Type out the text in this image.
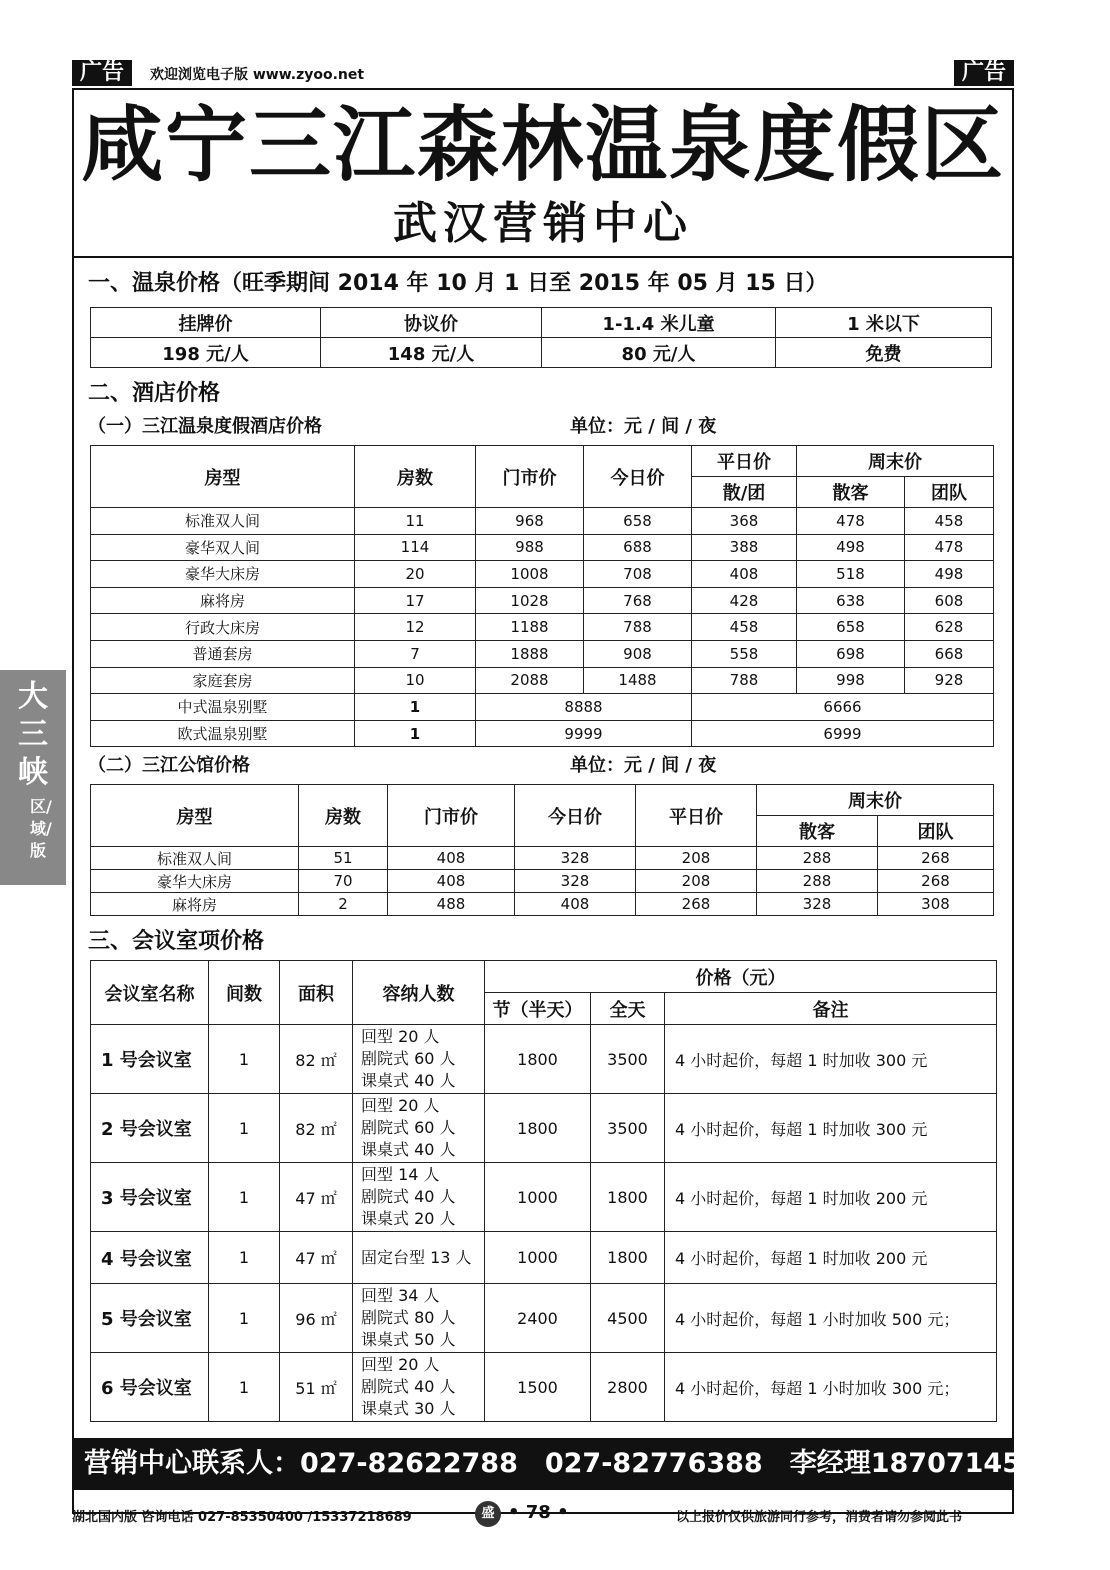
广告	欢迎浏览电子版 www.zyoo.net	广告
咸宁三江森林温泉度假区
武汉营销中心
一、温泉价格（旺季期间 2014 年 10 月 1 日至 2015 年 05 月 15 日）
挂牌价	协议价	1-1.4 米儿童	1 米以下
198 元/人	148 元/人	80 元/人	免费
二、酒店价格
（一）三江温泉度假酒店价格	单位：元 / 间 / 夜
房型	房数	门市价	今日价	平日价	周末价	
				散/团	散客	团队
标准双人间	11	968	658	368	478	458
豪华双人间	114	988	688	388	498	478
豪华大床房	20	1008	708	408	518	498
麻将房	17	1028	768	428	638	608
行政大床房	12	1188	788	458	658	628
普通套房	7	1888	908	558	698	668
家庭套房	10	2088	1488	788	998	928
中式温泉别墅	1	8888		6666		
欧式温泉别墅	1	9999		6999		
（二）三江公馆价格	单位：元 / 间 / 夜
房型	房数	门市价	今日价	平日价	周末价	
					散客	团队
标准双人间	51	408	328	208	288	268
豪华大床房	70	408	328	208	288	268
麻将房	2	488	408	268	328	308
三、会议室项价格
会议室名称	间数	面积	容纳人数	价格（元）		
				节（半天）	全天	备注
1 号会议室	1	82 ㎡	回型 20 人
剧院式 60 人
课桌式 40 人	1800	3500	4 小时起价，每超 1 时加收 300 元
2 号会议室	1	82 ㎡	回型 20 人
剧院式 60 人
课桌式 40 人	1800	3500	4 小时起价，每超 1 时加收 300 元
3 号会议室	1	47 ㎡	回型 14 人
剧院式 40 人
课桌式 20 人	1000	1800	4 小时起价，每超 1 时加收 200 元
4 号会议室	1	47 ㎡	固定台型 13 人	1000	1800	4 小时起价，每超 1 时加收 200 元
5 号会议室	1	96 ㎡	回型 34 人
剧院式 80 人
课桌式 50 人	2400	4500	4 小时起价，每超 1 小时加收 500 元；
6 号会议室	1	51 ㎡	回型 20 人
剧院式 40 人
课桌式 30 人	1500	2800	4 小时起价，每超 1 小时加收 300 元；
营销中心联系人：027-82622788　027-82776388　李经理18707145747
大三峡
区/域/版
湖北国内版 咨询电话 027-85350400 /15337218689	盛 • 78 •	以上报价仅供旅游同行参考，消费者请勿参阅此书
